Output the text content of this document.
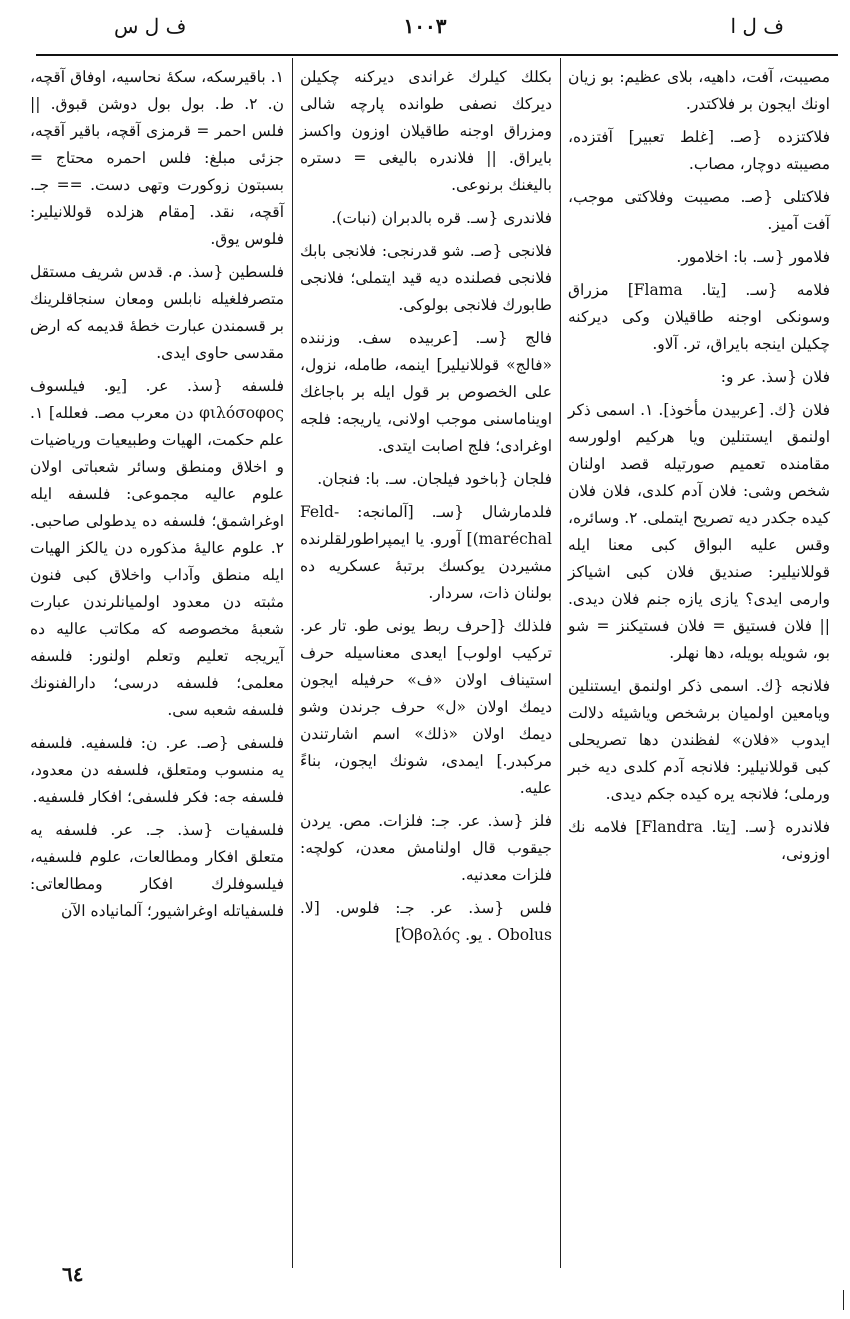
ف ل س	١٠٠٣	ف ل ا

مصيبت، آفت، داهيه، بلاى عظيم: بو زيان اونك ايجون بر فلاكتدر.

فلاكتزده {صـ. [غلط تعبير] آفتزده، مصيبته دوچار، مصاب.

فلاكتلى {صـ. مصيبت وفلاكتى موجب، آفت آميز.

فلامور {سـ. با: اخلامور.

فلامه {سـ. [يتا. Flama] مزراق وسونكى اوجنه طاقيلان وكى ديركنه چكيلن اينجه بايراق، تر. آلاو.

فلان {سذ. عر و:

فلان {ك. [عربيدن مأخوذ]. ١. اسمى ذكر اولنمق ايستنلين ويا هركيم اولورسه مقامنده تعميم صورتيله قصد اولنان شخص وشى: فلان آدم كلدى، فلان فلان كيده جكدر ديه تصريح ايتملى. ٢. وسائره، وقس عليه البواق كبى معنا ايله قوللانيلير: صنديق فلان كبى اشياكز وارمى ايدى؟ يازى يازه جنم فلان ديدى. || فلان فستيق = فلان فستيكنز = شو بو، شويله بويله، دها نهلر.

فلانجه {ك. اسمى ذكر اولنمق ايستنلين ويامعين اولميان برشخص وياشيئه دلالت ايدوب «فلان» لفظندن دها تصريحلى كبى قوللانيلير: فلانجه آدم كلدى ديه خبر ورملى؛ فلانجه يره كيده جكم ديدى.

فلاندره {سـ. [يتا. Flandra] فلامه نك اوزونى،

بكلك كيلرك غراندى ديركنه چكيلن ديركك نصفى طوانده پارچه شالى ومزراق اوجنه طاقيلان اوزون واكسز بايراق. || فلاندره باليغى = دستره باليغنك برنوعى.

فلاندرى {سـ. قره بالدبران (نبات).

فلانجى {صـ. شو قدرنجى: فلانجى بابك فلانجى فصلنده ديه قيد ايتملى؛ فلانجى طابورك فلانجى بولوكى.

فالج {سـ. [عربيده سف. وزننده «فالج» قوللانيلير] اينمه، طامله، نزول، على الخصوص بر قول ايله بر باجاغك اويناماسنى موجب اولانى، ياريجه: فلجه اوغرادى؛ فلج اصابت ايتدى.

فلجان {باخود فيلجان. سـ. با: فنجان.

فلدمارشال {سـ. [آلمانجه: Feld- (maréchal] آورو. يا ايمپراطورلقلرنده مشيردن يوكسك برتبهٔ عسكريه ده بولنان ذات، سردار.

فلذلك {[حرف ربط يونى طو. تار عر. تركيب اولوب] ايعدى معناسيله حرف استيناف اولان «ف» حرفيله ايجون ديمك اولان «ل» حرف جرندن وشو ديمك اولان «ذلك» اسم اشارتندن مركبدر.] ايمدى، شونك ايجون، بناءً عليه.

فلز {سذ. عر. جـ: فلزات. مص. يردن جيقوب قال اولنامش معدن، كولچه: فلزات معدنيه.

فلس {سذ. عر. جـ: فلوس. [لا. Obolus . يو. Ὀβολός]

١. باقيرسكه، سكهٔ نحاسيه، اوفاق آقچه، ن. ٢. ط. بول بول دوشن قبوق. || فلس احمر = قرمزى آقچه، باقير آقچه، جزئى مبلغ: فلس احمره محتاج = بسبتون زوكورت وتهى دست. == جـ. آقچه، نقد. [مقام هزلده قوللانيلير: فلوس يوق.

فلسطين {سذ. م. قدس شريف مستقل متصرفلغيله نابلس ومعان سنجاقلرينك بر قسمندن عبارت خطهٔ قديمه كه ارض مقدسى حاوى ايدى.

فلسفه {سذ. عر. [يو. فيلسوف φιλόσοφος دن معرب مصـ. فعلله] ١. علم حكمت، الهيات وطبيعيات ورياضيات و اخلاق ومنطق وسائر شعباتى اولان علوم عاليه مجموعى: فلسفه ايله اوغراشمق؛ فلسفه ده يدطولى صاحبى. ٢. علوم عاليهٔ مذكوره دن يالكز الهيات ايله منطق وآداب واخلاق كبى فنون مثبته دن معدود اولميانلرندن عبارت شعبهٔ مخصوصه كه مكاتب عاليه ده آيريجه تعليم وتعلم اولنور: فلسفه معلمى؛ فلسفه درسى؛ دارالفنونك فلسفه شعبه سى.

فلسفى {صـ. عر. ن: فلسفيه. فلسفه يه منسوب ومتعلق، فلسفه دن معدود، فلسفه جه: فكر فلسفى؛ افكار فلسفيه.

فلسفيات {سذ. جـ. عر. فلسفه يه متعلق افكار ومطالعات، علوم فلسفيه، فيلسوفلرك افكار ومطالعاتى: فلسفياتله اوغراشيور؛ آلمانياده الآن

٦٤
